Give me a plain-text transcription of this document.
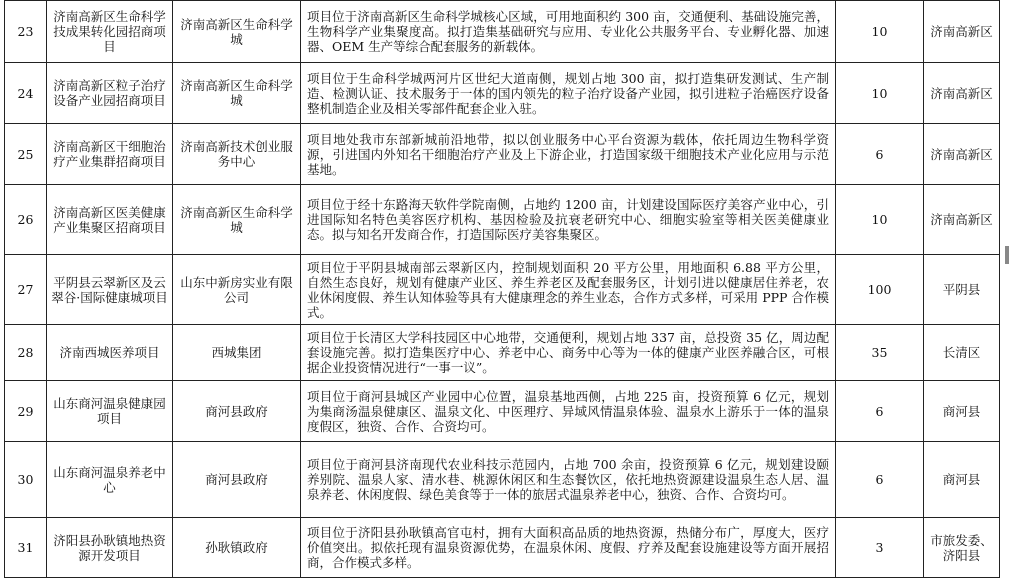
23	济南高新区生命科学技成果转化园招商项目	济南高新区生命科学城	项目位于济南高新区生命科学城核心区域，可用地面积约 300 亩，交通便利、基础设施完善，生物科学产业集聚度高。拟打造集基础研究与应用、专业化公共服务平台、专业孵化器、加速器、OEM 生产等综合配套服务的新载体。	10	济南高新区
24	济南高新区粒子治疗设备产业园招商项目	济南高新区生命科学城	项目位于生命科学城两河片区世纪大道南侧，规划占地 300 亩，拟打造集研发测试、生产制造、检测认证、技术服务于一体的国内领先的粒子治疗设备产业园，拟引进粒子治癌医疗设备整机制造企业及相关零部件配套企业入驻。	10	济南高新区
25	济南高新区干细胞治疗产业集群招商项目	济南高新技术创业服务中心	项目地处我市东部新城前沿地带，拟以创业服务中心平台资源为载体，依托周边生物科学资源，引进国内外知名干细胞治疗产业及上下游企业，打造国家级干细胞技术产业化应用与示范基地。	6	济南高新区
26	济南高新区医美健康产业集聚区招商项目	济南高新区生命科学城	项目位于经十东路海天软件学院南侧，占地约 1200 亩，计划建设国际医疗美容产业中心，引进国际知名特色美容医疗机构、基因检验及抗衰老研究中心、细胞实验室等相关医美健康业态。拟与知名开发商合作，打造国际医疗美容集聚区。	10	济南高新区
27	平阴县云翠新区及云翠谷·国际健康城项目	山东中新房实业有限公司	项目位于平阴县城南部云翠新区内，控制规划面积 20 平方公里，用地面积 6.88 平方公里，自然生态良好，规划有健康产业区、养生养老区及配套服务区，计划引进以健康居住养老，农业休闲度假、养生认知体验等具有大健康理念的养生业态，合作方式多样，可采用 PPP 合作模式。	100	平阴县
28	济南西城医养项目	西城集团	项目位于长清区大学科技园区中心地带，交通便利，规划占地 337 亩，总投资 35 亿，周边配套设施完善。拟打造集医疗中心、养老中心、商务中心等为一体的健康产业医养融合区，可根据企业投资情况进行“一事一议”。	35	长清区
29	山东商河温泉健康园项目	商河县政府	项目位于商河县城区产业园中心位置，温泉基地西侧，占地 225 亩，投资预算 6 亿元，规划为集商汤温泉健康区、温泉文化、中医理疗、异域风情温泉体验、温泉水上游乐于一体的温泉度假区，独资、合作、合资均可。	6	商河县
30	山东商河温泉养老中心	商河县政府	项目位于商河县济南现代农业科技示范园内，占地 700 余亩，投资预算 6 亿元，规划建设颐养别院、温泉人家、清水巷、桃源休闲区和生态餐饮区，依托地热资源建设温泉生态人居、温泉养老、休闲度假、绿色美食等于一体的旅居式温泉养老中心，独资、合作、合资均可。	6	商河县
31	济阳县孙耿镇地热资源开发项目	孙耿镇政府	项目位于济阳县孙耿镇高官屯村，拥有大面积高品质的地热资源，热储分布广，厚度大，医疗价值突出。拟依托现有温泉资源优势，在温泉休闲、度假、疗养及配套设施建设等方面开展招商，合作模式多样。	3	市旅发委、济阳县
